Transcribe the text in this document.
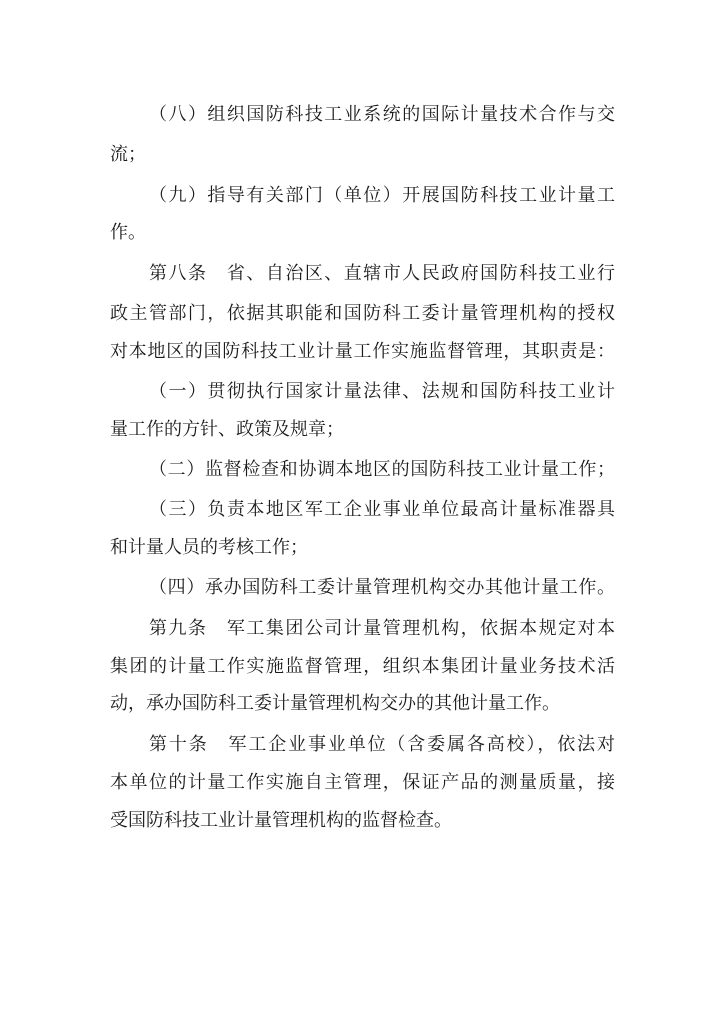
（八）组织国防科技工业系统的国际计量技术合作与交
流；
（九）指导有关部门（单位）开展国防科技工业计量工
作。
第八条　省、自治区、直辖市人民政府国防科技工业行
政主管部门，依据其职能和国防科工委计量管理机构的授权
对本地区的国防科技工业计量工作实施监督管理，其职责是：
（一）贯彻执行国家计量法律、法规和国防科技工业计
量工作的方针、政策及规章；
（二）监督检查和协调本地区的国防科技工业计量工作；
（三）负责本地区军工企业事业单位最高计量标准器具
和计量人员的考核工作；
（四）承办国防科工委计量管理机构交办其他计量工作。
第九条　军工集团公司计量管理机构，依据本规定对本
集团的计量工作实施监督管理，组织本集团计量业务技术活
动，承办国防科工委计量管理机构交办的其他计量工作。
第十条　军工企业事业单位（含委属各高校），依法对
本单位的计量工作实施自主管理，保证产品的测量质量，接
受国防科技工业计量管理机构的监督检查。
